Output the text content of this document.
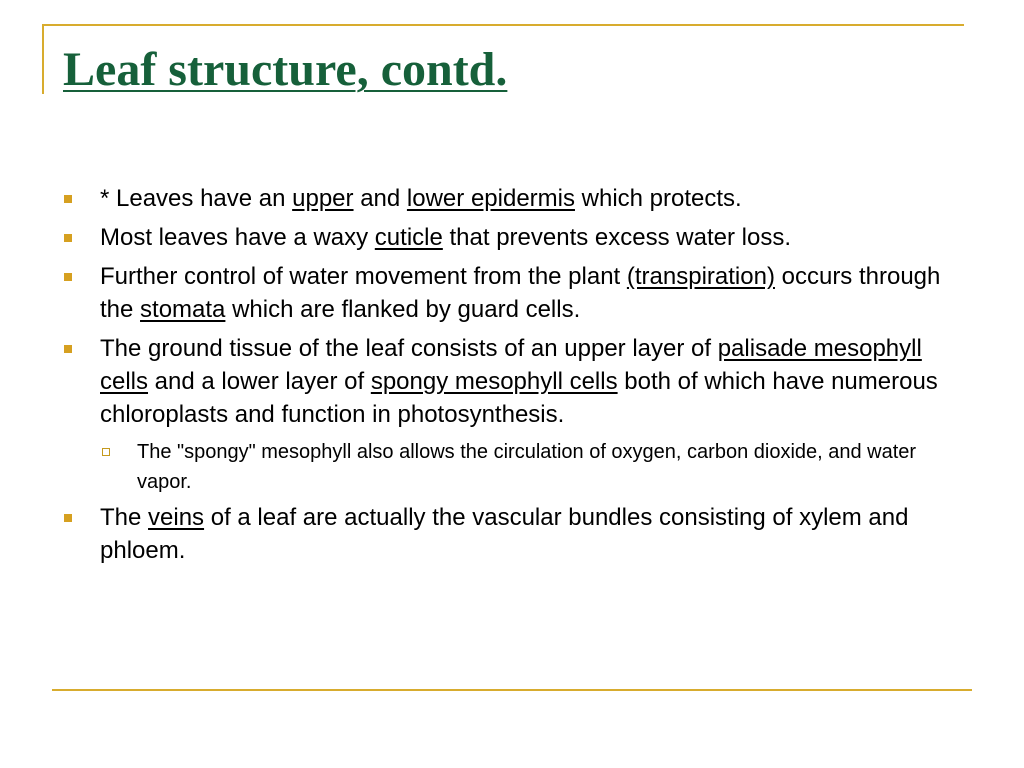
Leaf structure, contd.
* Leaves have an upper and lower epidermis which protects.
Most leaves have a waxy cuticle that prevents excess water loss.
Further control of water movement from the plant (transpiration) occurs through the stomata which are flanked by guard cells.
The ground tissue of the leaf consists of an upper layer of palisade mesophyll cells and a lower layer of spongy mesophyll cells both of which have numerous chloroplasts and function in photosynthesis.
The "spongy" mesophyll also allows the circulation of oxygen, carbon dioxide, and water vapor.
The veins of a leaf are actually the vascular bundles consisting of xylem and phloem.
